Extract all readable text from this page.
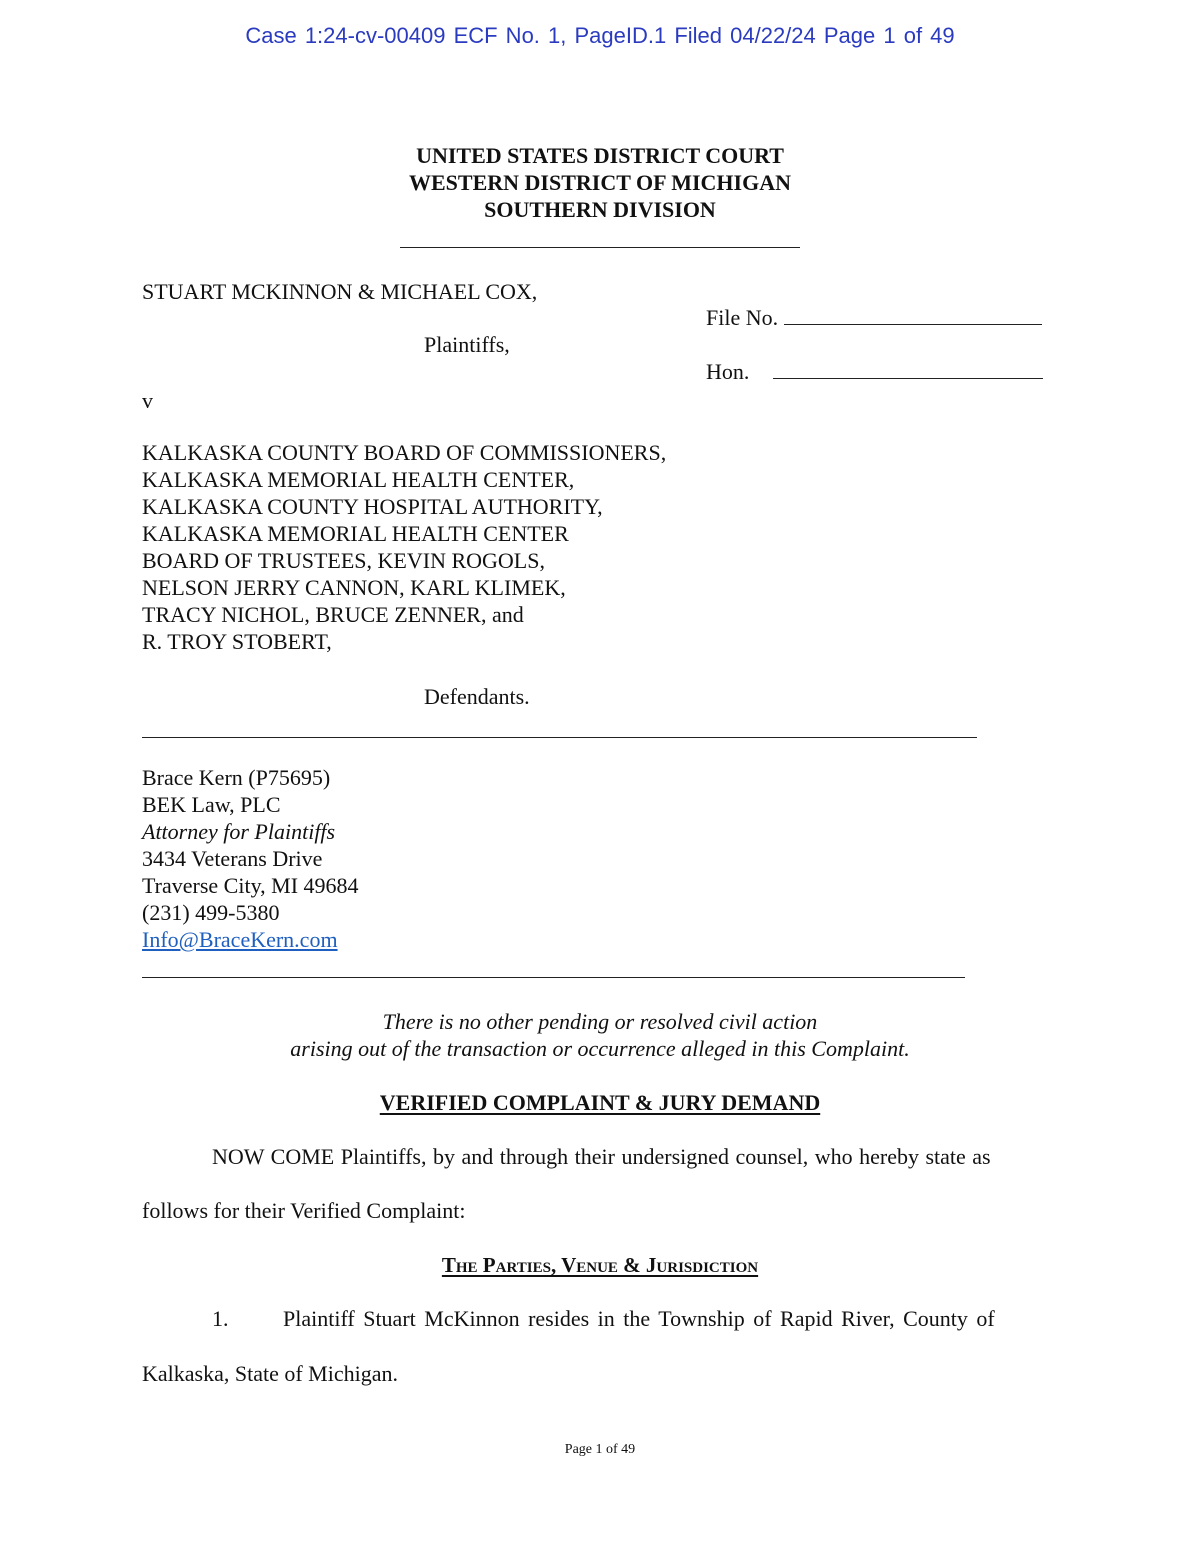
Case 1:24-cv-00409 ECF No. 1, PageID.1 Filed 04/22/24 Page 1 of 49
UNITED STATES DISTRICT COURT
WESTERN DISTRICT OF MICHIGAN
SOUTHERN DIVISION
STUART MCKINNON & MICHAEL COX,
File No.
Plaintiffs,
Hon.
v
KALKASKA COUNTY BOARD OF COMMISSIONERS,
KALKASKA MEMORIAL HEALTH CENTER,
KALKASKA COUNTY HOSPITAL AUTHORITY,
KALKASKA MEMORIAL HEALTH CENTER
BOARD OF TRUSTEES, KEVIN ROGOLS,
NELSON JERRY CANNON, KARL KLIMEK,
TRACY NICHOL, BRUCE ZENNER, and
R. TROY STOBERT,
Defendants.
Brace Kern (P75695)
BEK Law, PLC
Attorney for Plaintiffs
3434 Veterans Drive
Traverse City, MI 49684
(231) 499-5380
Info@BraceKern.com
There is no other pending or resolved civil action
arising out of the transaction or occurrence alleged in this Complaint.
VERIFIED COMPLAINT & JURY DEMAND
NOW COME Plaintiffs, by and through their undersigned counsel, who hereby state as
follows for their Verified Complaint:
The Parties, Venue & Jurisdiction
1. Plaintiff Stuart McKinnon resides in the Township of Rapid River, County of
Kalkaska, State of Michigan.
Page 1 of 49
